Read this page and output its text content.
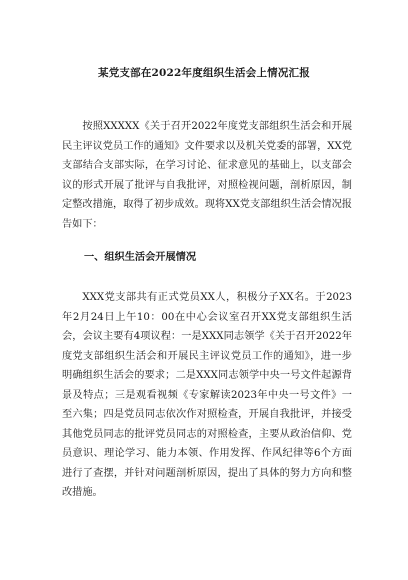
某党支部在2022年度组织生活会上情况汇报

按照XXXXX《关于召开2022年度党支部组织生活会和开展民主评议党员工作的通知》文件要求以及机关党委的部署，XX党支部结合支部实际，在学习讨论、征求意见的基础上，以支部会议的形式开展了批评与自我批评，对照检视问题，剖析原因，制定整改措施，取得了初步成效。现将XX党支部组织生活会情况报告如下：

一、组织生活会开展情况

XXX党支部共有正式党员XX人，积极分子XX名。于2023年2月24日上午10：00在中心会议室召开XX党支部组织生活会，会议主要有4项议程：一是XXX同志领学《关于召开2022年度党支部组织生活会和开展民主评议党员工作的通知》，进一步明确组织生活会的要求；二是XXX同志领学中央一号文件起源背景及特点；三是观看视频《专家解读2023年中央一号文件》一至六集；四是党员同志依次作对照检查，开展自我批评，并接受其他党员同志的批评党员同志的对照检查，主要从政治信仰、党员意识、理论学习、能力本领、作用发挥、作风纪律等6个方面进行了查摆，并针对问题剖析原因，提出了具体的努力方向和整改措施。
